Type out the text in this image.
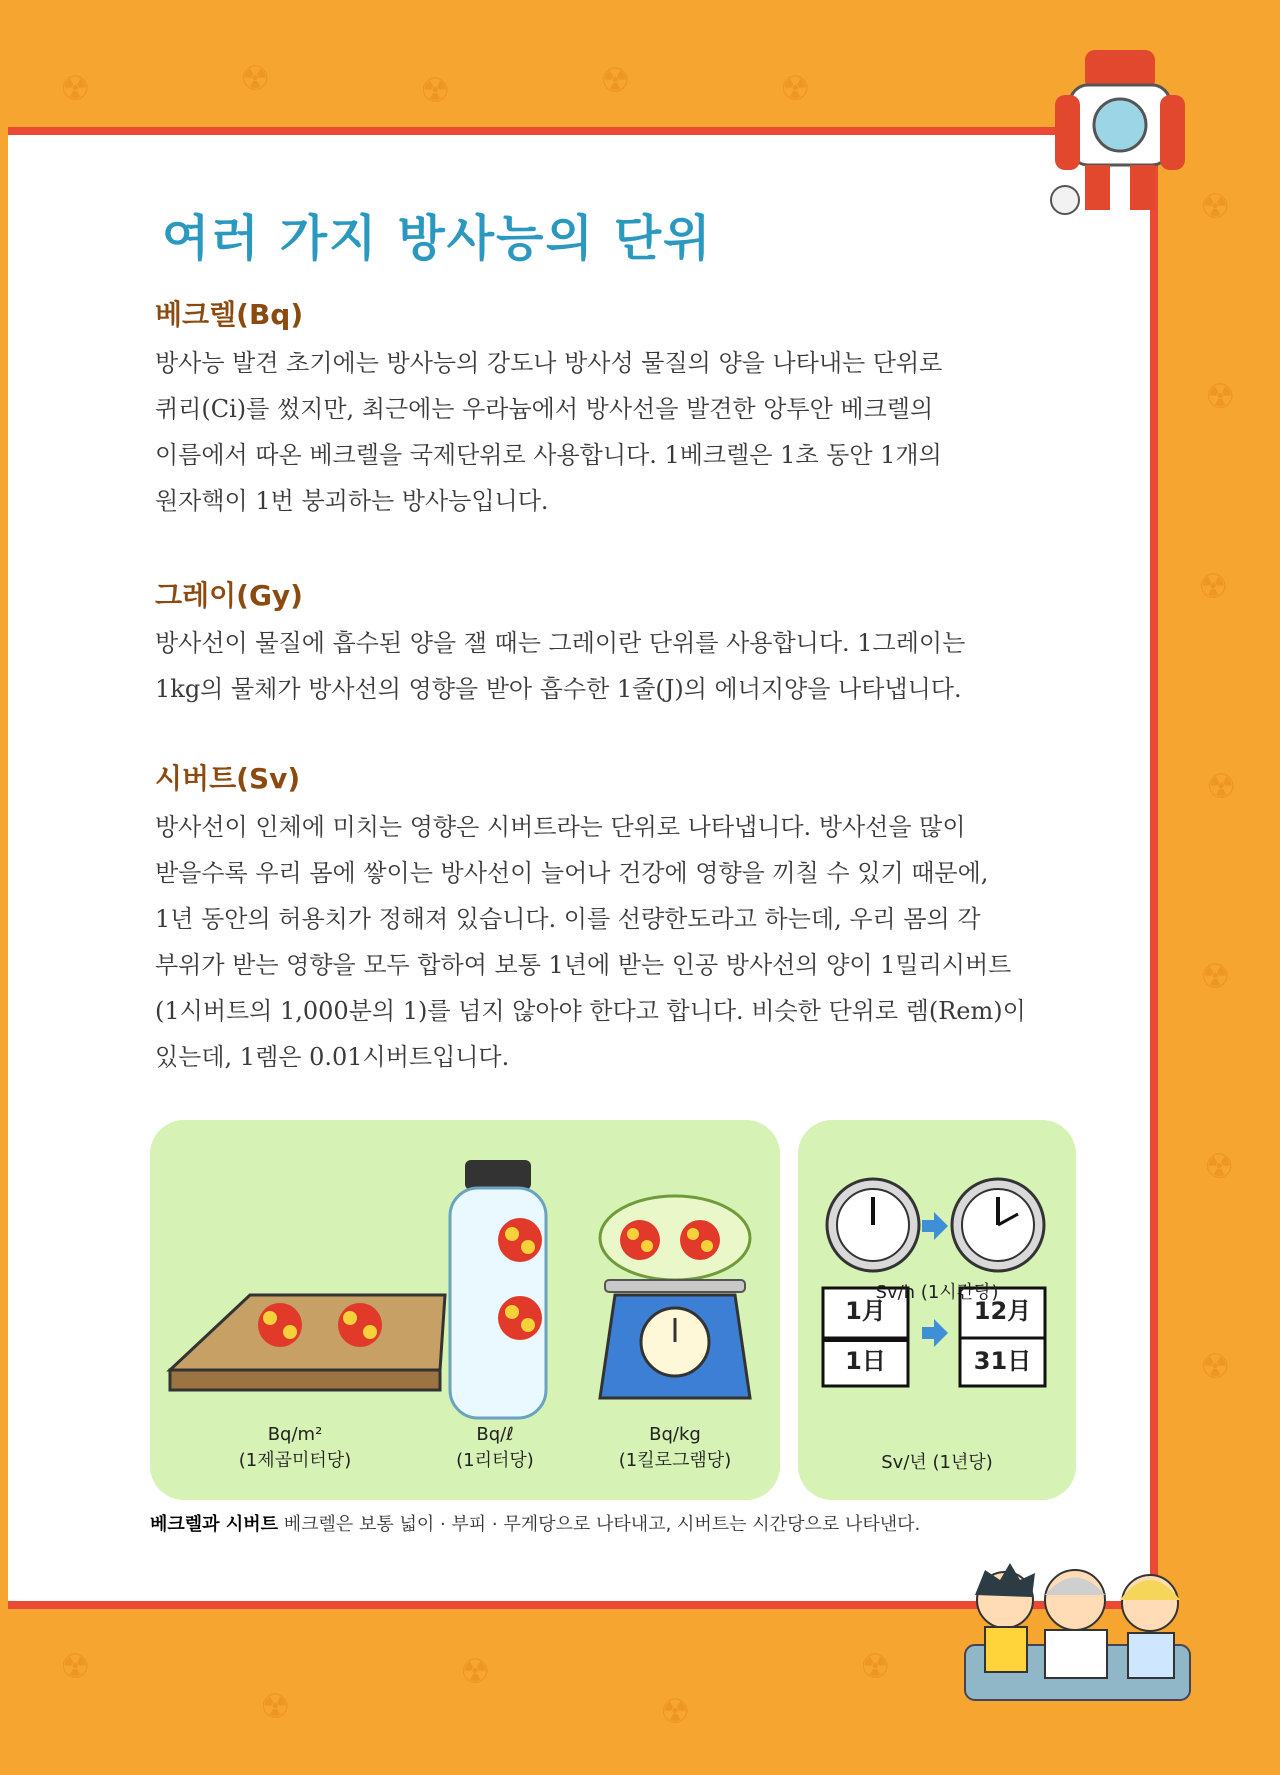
☢	☢	☢	☢	☢
☢
☢
☢
☢
☢
☢
☢
☢
☢
☢
☢
☢
여러 가지 방사능의 단위
베크렐(Bq)
방사능 발견 초기에는 방사능의 강도나 방사성 물질의 양을 나타내는 단위로
퀴리(Ci)를 썼지만, 최근에는 우라늄에서 방사선을 발견한 앙투안 베크렐의
이름에서 따온 베크렐을 국제단위로 사용합니다. 1베크렐은 1초 동안 1개의
원자핵이 1번 붕괴하는 방사능입니다.
그레이(Gy)
방사선이 물질에 흡수된 양을 잴 때는 그레이란 단위를 사용합니다. 1그레이는
1kg의 물체가 방사선의 영향을 받아 흡수한 1줄(J)의 에너지양을 나타냅니다.
시버트(Sv)
방사선이 인체에 미치는 영향은 시버트라는 단위로 나타냅니다. 방사선을 많이
받을수록 우리 몸에 쌓이는 방사선이 늘어나 건강에 영향을 끼칠 수 있기 때문에,
1년 동안의 허용치가 정해져 있습니다. 이를 선량한도라고 하는데, 우리 몸의 각
부위가 받는 영향을 모두 합하여 보통 1년에 받는 인공 방사선의 양이 1밀리시버트
(1시버트의 1,000분의 1)를 넘지 않아야 한다고 합니다. 비슷한 단위로 렘(Rem)이
있는데, 1렘은 0.01시버트입니다.
Bq/m²
(1제곱미터당)
Bq/ℓ
(1리터당)
Bq/kg
(1킬로그램당)
Sv/h (1시간당)
1月
1日
12月
31日
Sv/년 (1년당)
베크렐과 시버트 베크렐은 보통 넓이 · 부피 · 무게당으로 나타내고, 시버트는 시간당으로 나타낸다.
